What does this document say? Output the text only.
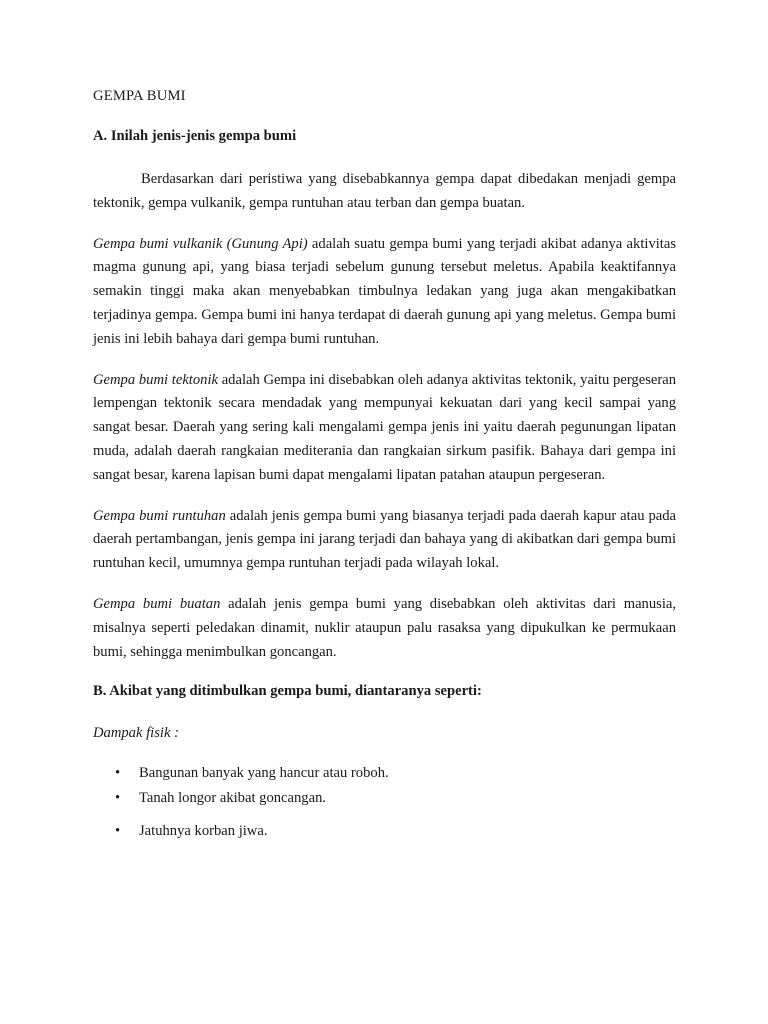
GEMPA BUMI
A. Inilah jenis-jenis gempa bumi

Berdasarkan dari peristiwa yang disebabkannya gempa dapat dibedakan menjadi gempa tektonik, gempa vulkanik, gempa runtuhan atau terban dan gempa buatan.

Gempa bumi vulkanik (Gunung Api) adalah suatu gempa bumi yang terjadi akibat adanya aktivitas magma gunung api, yang biasa terjadi sebelum gunung tersebut meletus. Apabila keaktifannya semakin tinggi maka akan menyebabkan timbulnya ledakan yang juga akan mengakibatkan terjadinya gempa. Gempa bumi ini hanya terdapat di daerah gunung api yang meletus. Gempa bumi jenis ini lebih bahaya dari gempa bumi runtuhan.

Gempa bumi tektonik adalah Gempa ini disebabkan oleh adanya aktivitas tektonik, yaitu pergeseran lempengan tektonik secara mendadak yang mempunyai kekuatan dari yang kecil sampai yang sangat besar. Daerah yang sering kali mengalami gempa jenis ini yaitu daerah pegunungan lipatan muda, adalah daerah rangkaian mediterania dan rangkaian sirkum pasifik. Bahaya dari gempa ini sangat besar, karena lapisan bumi dapat mengalami lipatan patahan ataupun pergeseran.

Gempa bumi runtuhan adalah jenis gempa bumi yang biasanya terjadi pada daerah kapur atau pada daerah pertambangan, jenis gempa ini jarang terjadi dan bahaya yang di akibatkan dari gempa bumi runtuhan kecil, umumnya gempa runtuhan terjadi pada wilayah lokal.

Gempa bumi buatan adalah jenis gempa bumi yang disebabkan oleh aktivitas dari manusia, misalnya seperti peledakan dinamit, nuklir ataupun palu rasaksa yang dipukulkan ke permukaan bumi, sehingga menimbulkan goncangan.

B. Akibat yang ditimbulkan gempa bumi, diantaranya seperti:
Dampak fisik :
• Bangunan banyak yang hancur atau roboh.
• Tanah longor akibat goncangan.
• Jatuhnya korban jiwa.
